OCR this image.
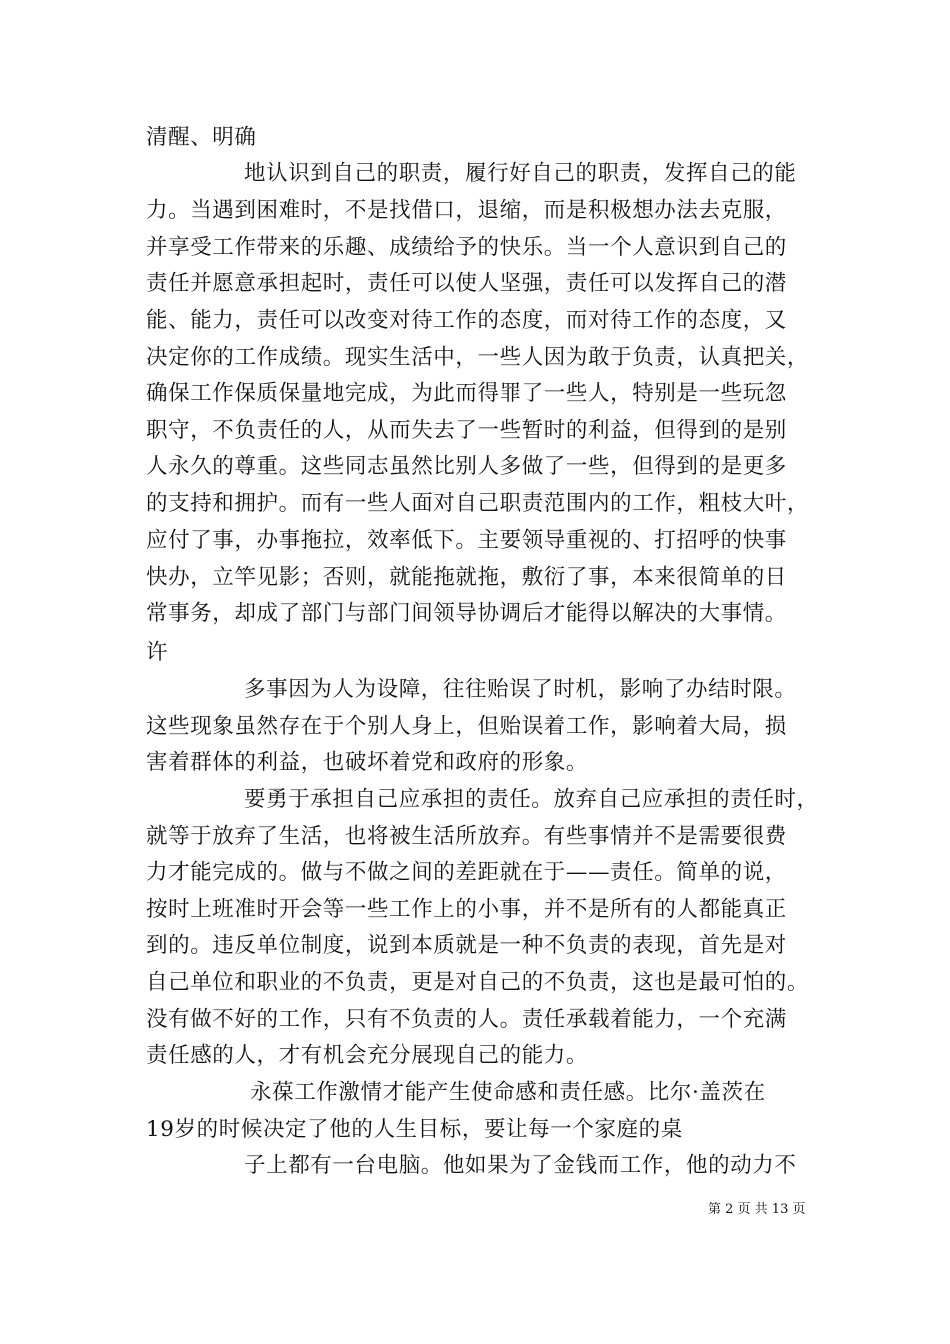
清醒、明确
地认识到自己的职责，履行好自己的职责，发挥自己的能
力。当遇到困难时，不是找借口，退缩，而是积极想办法去克服，
并享受工作带来的乐趣、成绩给予的快乐。当一个人意识到自己的
责任并愿意承担起时，责任可以使人坚强，责任可以发挥自己的潜
能、能力，责任可以改变对待工作的态度，而对待工作的态度，又
决定你的工作成绩。现实生活中，一些人因为敢于负责，认真把关，
确保工作保质保量地完成，为此而得罪了一些人，特别是一些玩忽
职守，不负责任的人，从而失去了一些暂时的利益，但得到的是别
人永久的尊重。这些同志虽然比别人多做了一些，但得到的是更多
的支持和拥护。而有一些人面对自己职责范围内的工作，粗枝大叶，
应付了事，办事拖拉，效率低下。主要领导重视的、打招呼的快事
快办，立竿见影；否则，就能拖就拖，敷衍了事，本来很简单的日
常事务，却成了部门与部门间领导协调后才能得以解决的大事情。
许
多事因为人为设障，往往贻误了时机，影响了办结时限。
这些现象虽然存在于个别人身上，但贻误着工作，影响着大局，损
害着群体的利益，也破坏着党和政府的形象。
要勇于承担自己应承担的责任。放弃自己应承担的责任时，
就等于放弃了生活，也将被生活所放弃。有些事情并不是需要很费
力才能完成的。做与不做之间的差距就在于——责任。简单的说，
按时上班准时开会等一些工作上的小事，并不是所有的人都能真正
到的。违反单位制度，说到本质就是一种不负责的表现，首先是对
自己单位和职业的不负责，更是对自己的不负责，这也是最可怕的。
没有做不好的工作，只有不负责的人。责任承载着能力，一个充满
责任感的人，才有机会充分展现自己的能力。
永葆工作激情才能产生使命感和责任感。比尔·盖茨在
19岁的时候决定了他的人生目标，要让每一个家庭的桌
子上都有一台电脑。他如果为了金钱而工作，他的动力不
第 2 页 共 13 页
